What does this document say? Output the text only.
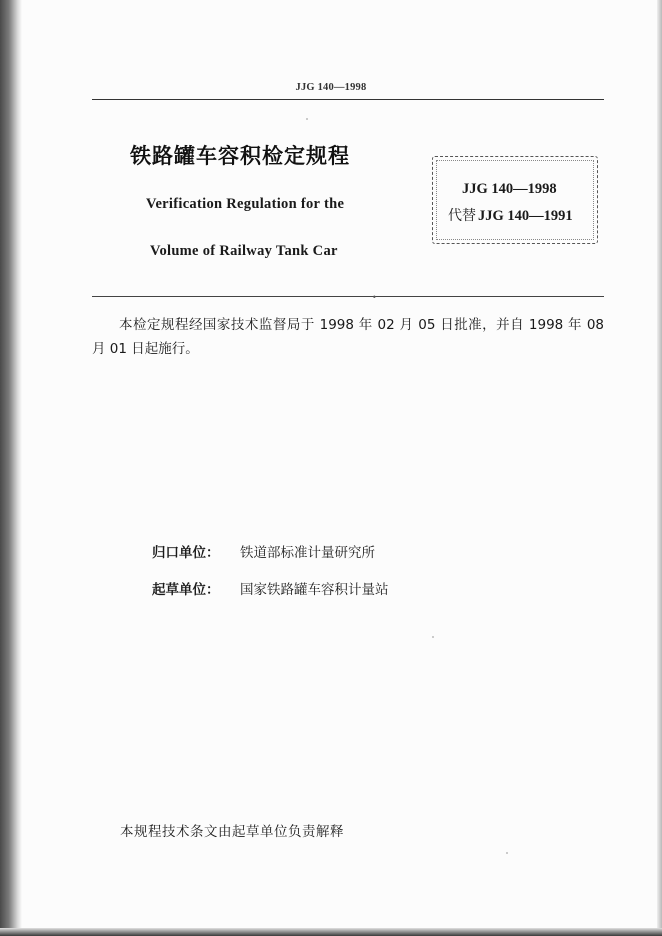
JJG 140—1998
铁路罐车容积检定规程
Verification Regulation for the
Volume of Railway Tank Car
JJG 140—1998
代替 JJG 140—1991
•
本检定规程经国家技术监督局于 1998 年 02 月 05 日批准，并自 1998 年 08 月 01 日起施行。
归口单位： 铁道部标准计量研究所
起草单位： 国家铁路罐车容积计量站
本规程技术条文由起草单位负责解释
